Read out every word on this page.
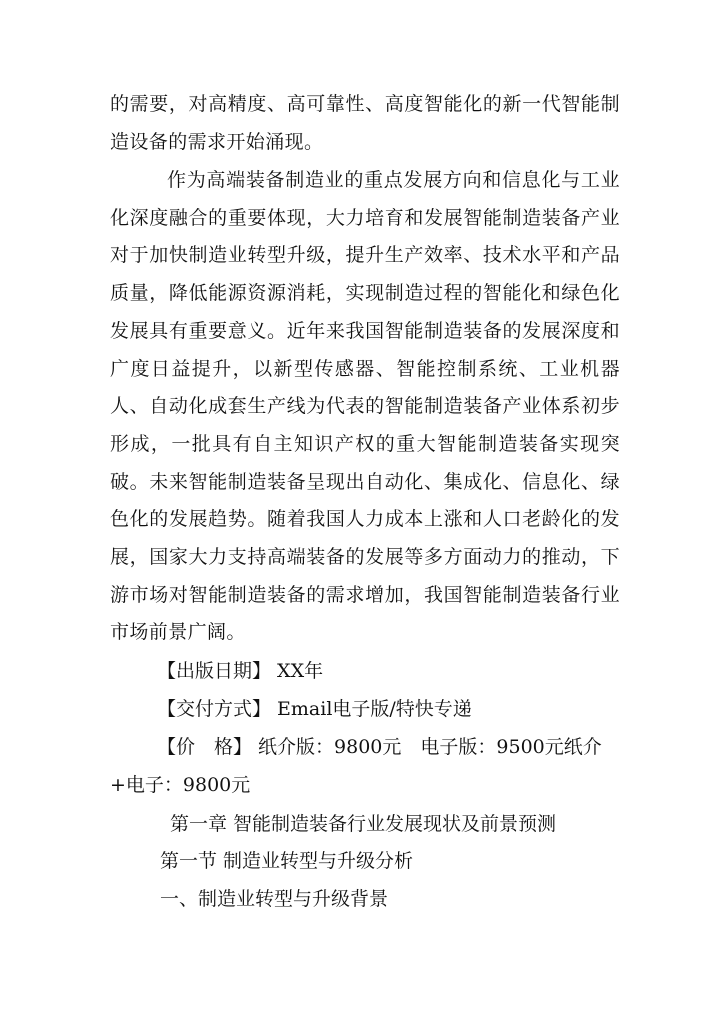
的需要，对高精度、高可靠性、高度智能化的新一代智能制造设备的需求开始涌现。

作为高端装备制造业的重点发展方向和信息化与工业化深度融合的重要体现，大力培育和发展智能制造装备产业对于加快制造业转型升级，提升生产效率、技术水平和产品质量，降低能源资源消耗，实现制造过程的智能化和绿色化发展具有重要意义。近年来我国智能制造装备的发展深度和广度日益提升，以新型传感器、智能控制系统、工业机器人、自动化成套生产线为代表的智能制造装备产业体系初步形成，一批具有自主知识产权的重大智能制造装备实现突破。未来智能制造装备呈现出自动化、集成化、信息化、绿色化的发展趋势。随着我国人力成本上涨和人口老龄化的发展，国家大力支持高端装备的发展等多方面动力的推动，下游市场对智能制造装备的需求增加，我国智能制造装备行业市场前景广阔。

【出版日期】 XX年

【交付方式】 Email电子版/特快专递

【价　格】 纸介版：9800元　电子版：9500元纸介+电子：9800元

第一章 智能制造装备行业发展现状及前景预测

第一节 制造业转型与升级分析

一、制造业转型与升级背景
